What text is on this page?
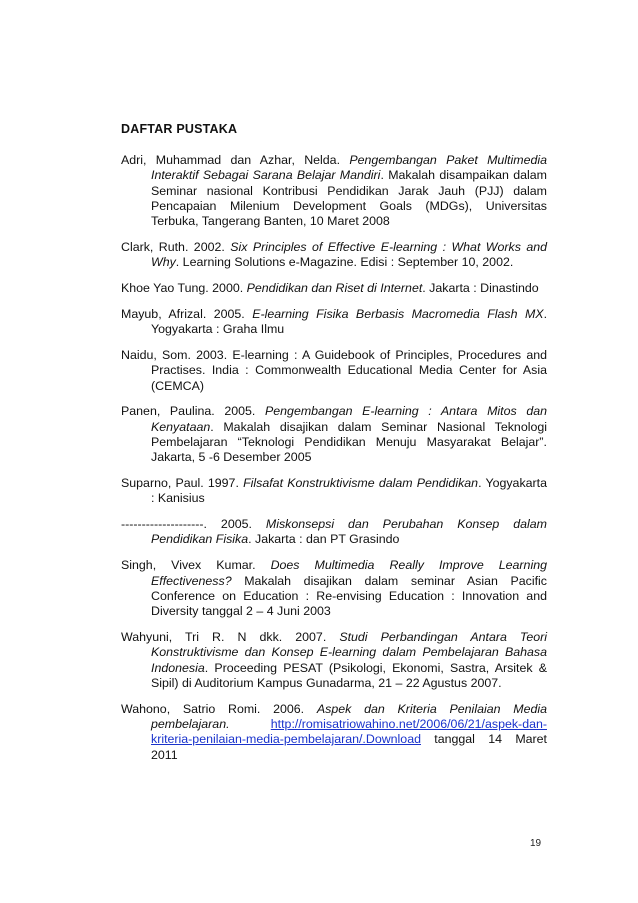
DAFTAR PUSTAKA

Adri, Muhammad dan Azhar, Nelda. Pengembangan Paket Multimedia Interaktif Sebagai Sarana Belajar Mandiri. Makalah disampaikan dalam Seminar nasional Kontribusi Pendidikan Jarak Jauh (PJJ) dalam Pencapaian Milenium Development Goals (MDGs), Universitas Terbuka, Tangerang Banten, 10 Maret 2008

Clark, Ruth. 2002. Six Principles of Effective E-learning : What Works and Why. Learning Solutions e-Magazine. Edisi : September 10, 2002.

Khoe Yao Tung. 2000. Pendidikan dan Riset di Internet. Jakarta : Dinastindo

Mayub, Afrizal. 2005. E-learning Fisika Berbasis Macromedia Flash MX. Yogyakarta : Graha Ilmu

Naidu, Som. 2003. E-learning : A Guidebook of Principles, Procedures and Practises. India : Commonwealth Educational Media Center for Asia (CEMCA)

Panen, Paulina. 2005. Pengembangan E-learning : Antara Mitos dan Kenyataan. Makalah disajikan dalam Seminar Nasional Teknologi Pembelajaran “Teknologi Pendidikan Menuju Masyarakat Belajar”. Jakarta, 5 -6 Desember 2005

Suparno, Paul. 1997. Filsafat Konstruktivisme dalam Pendidikan. Yogyakarta : Kanisius

--------------------. 2005. Miskonsepsi dan Perubahan Konsep dalam Pendidikan Fisika. Jakarta : dan PT Grasindo

Singh, Vivex Kumar. Does Multimedia Really Improve Learning Effectiveness? Makalah disajikan dalam seminar Asian Pacific Conference on Education : Re-envising Education : Innovation and Diversity tanggal 2 – 4 Juni 2003

Wahyuni, Tri R. N dkk. 2007. Studi Perbandingan Antara Teori Konstruktivisme dan Konsep E-learning dalam Pembelajaran Bahasa Indonesia. Proceeding PESAT (Psikologi, Ekonomi, Sastra, Arsitek & Sipil) di Auditorium Kampus Gunadarma, 21 – 22 Agustus 2007.

Wahono, Satrio Romi. 2006. Aspek dan Kriteria Penilaian Media pembelajaran.	http://romisatriowahino.net/2006/06/21/aspek-dan-kriteria-penilaian-media-pembelajaran/.Download tanggal 14 Maret 2011

19
